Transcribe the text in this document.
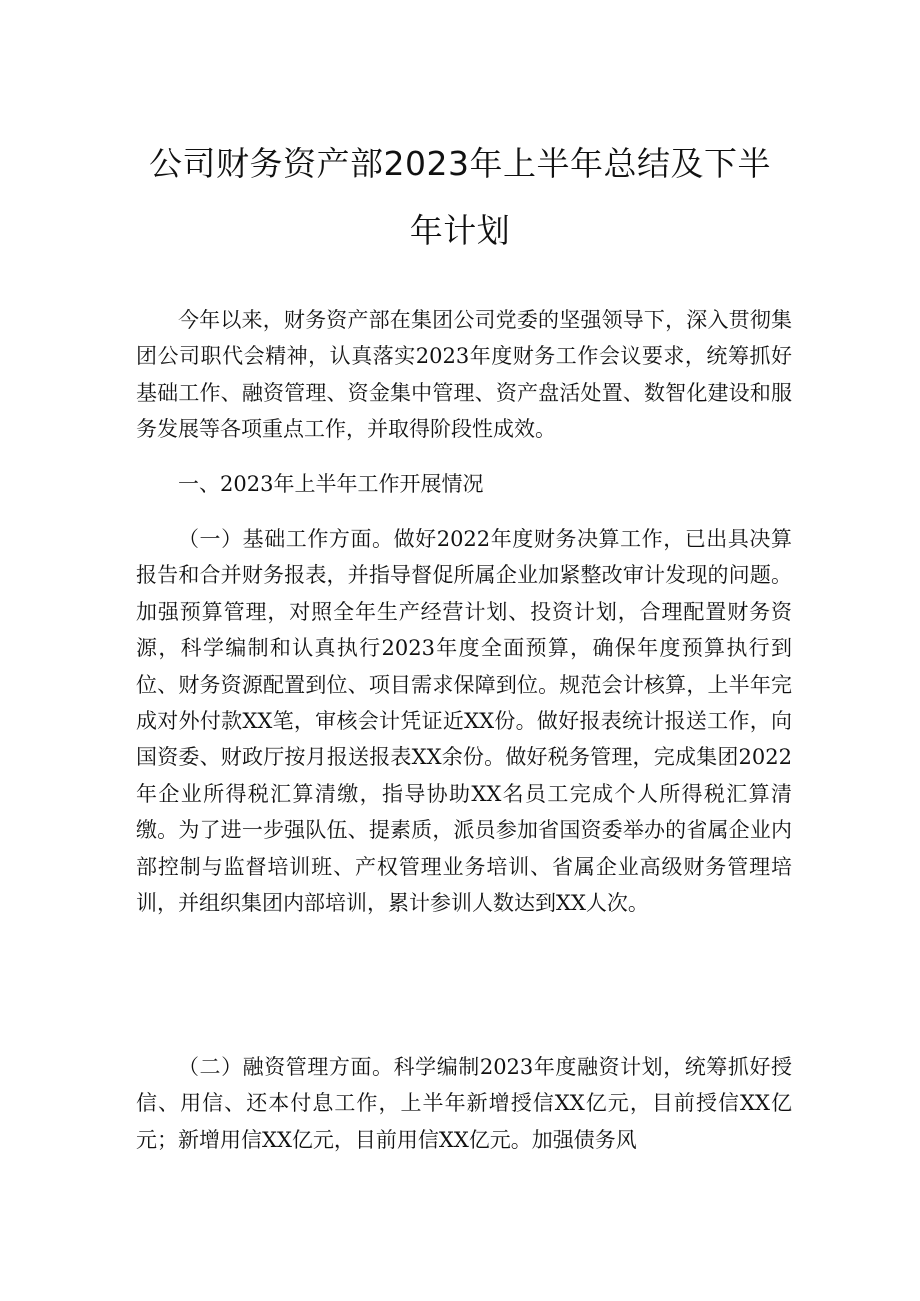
公司财务资产部2023年上半年总结及下半
年计划

今年以来，财务资产部在集团公司党委的坚强领导下，深入贯彻集团公司职代会精神，认真落实2023年度财务工作会议要求，统筹抓好基础工作、融资管理、资金集中管理、资产盘活处置、数智化建设和服务发展等各项重点工作，并取得阶段性成效。

一、2023年上半年工作开展情况

（一）基础工作方面。做好2022年度财务决算工作，已出具决算报告和合并财务报表，并指导督促所属企业加紧整改审计发现的问题。加强预算管理，对照全年生产经营计划、投资计划，合理配置财务资源，科学编制和认真执行2023年度全面预算，确保年度预算执行到位、财务资源配置到位、项目需求保障到位。规范会计核算，上半年完成对外付款XX笔，审核会计凭证近XX份。做好报表统计报送工作，向国资委、财政厅按月报送报表XX余份。做好税务管理，完成集团2022年企业所得税汇算清缴，指导协助XX名员工完成个人所得税汇算清缴。为了进一步强队伍、提素质，派员参加省国资委举办的省属企业内部控制与监督培训班、产权管理业务培训、省属企业高级财务管理培训，并组织集团内部培训，累计参训人数达到XX人次。

（二）融资管理方面。科学编制2023年度融资计划，统筹抓好授信、用信、还本付息工作，上半年新增授信XX亿元，目前授信XX亿元；新增用信XX亿元，目前用信XX亿元。加强债务风
